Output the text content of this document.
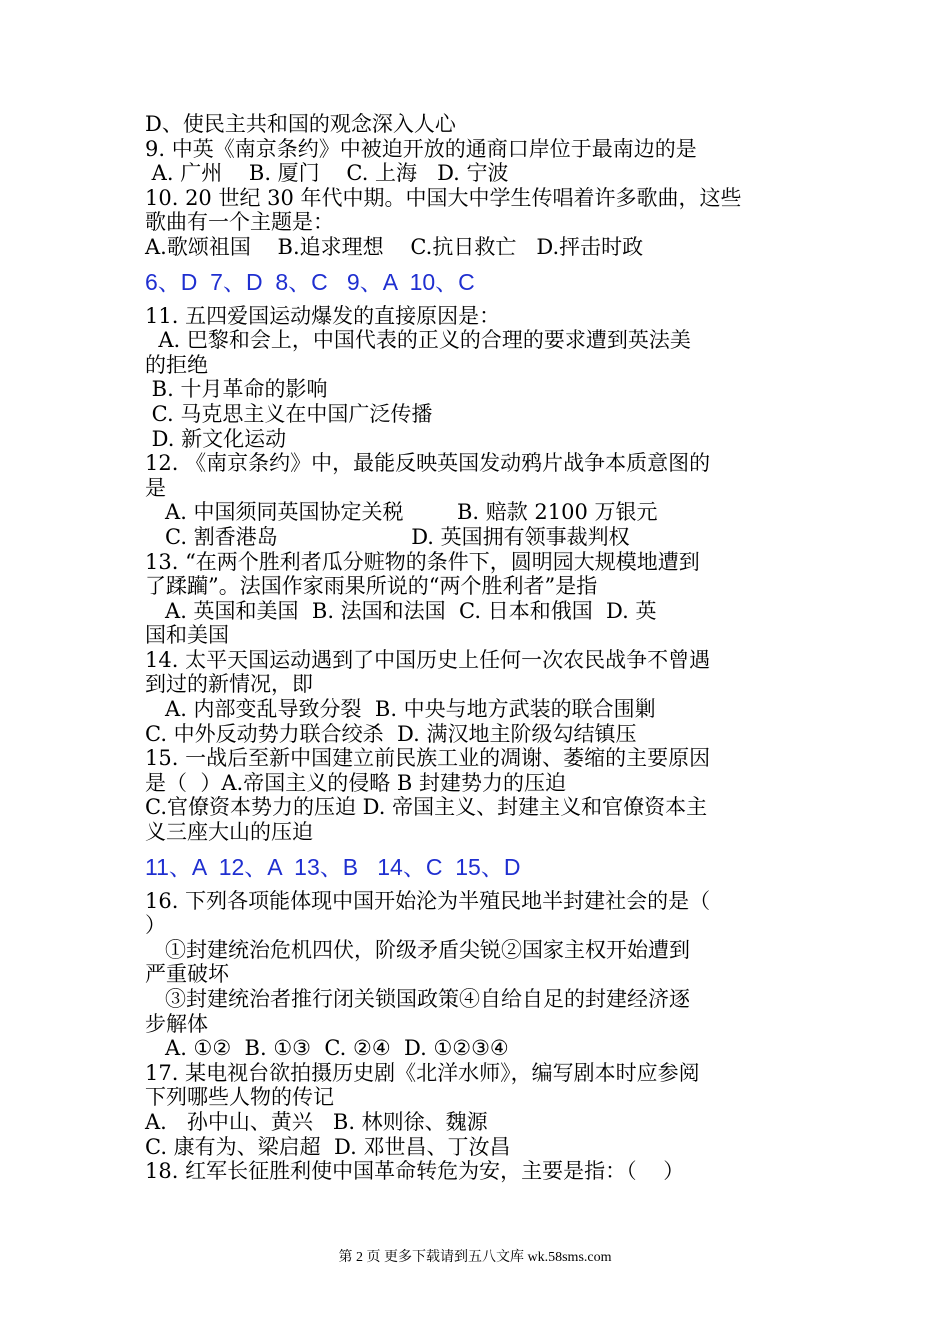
D、使民主共和国的观念深入人心
9. 中英《南京条约》中被迫开放的通商口岸位于最南边的是
A. 广州    B. 厦门    C. 上海   D. 宁波
10. 20 世纪 30 年代中期。中国大中学生传唱着许多歌曲，这些
歌曲有一个主题是：
A.歌颂祖国    B.追求理想    C.抗日救亡   D.抨击时政
6、D  7、D  8、C   9、A  10、C
11. 五四爱国运动爆发的直接原因是：
A. 巴黎和会上，中国代表的正义的合理的要求遭到英法美
的拒绝
B. 十月革命的影响
C. 马克思主义在中国广泛传播
D. 新文化运动
12. 《南京条约》中，最能反映英国发动鸦片战争本质意图的
是
A. 中国须同英国协定关税        B. 赔款 2100 万银元
C. 割香港岛                    D. 英国拥有领事裁判权
13. “在两个胜利者瓜分赃物的条件下，圆明园大规模地遭到
了蹂躏”。法国作家雨果所说的“两个胜利者”是指
A. 英国和美国  B. 法国和法国  C. 日本和俄国  D. 英
国和美国
14. 太平天国运动遇到了中国历史上任何一次农民战争不曾遇
到过的新情况，即
A. 内部变乱导致分裂  B. 中央与地方武装的联合围剿
C. 中外反动势力联合绞杀  D. 满汉地主阶级勾结镇压
15. 一战后至新中国建立前民族工业的凋谢、萎缩的主要原因
是（  ）A.帝国主义的侵略 B 封建势力的压迫
C.官僚资本势力的压迫 D. 帝国主义、封建主义和官僚资本主
义三座大山的压迫
11、A  12、A  13、B   14、C  15、D
16. 下列各项能体现中国开始沦为半殖民地半封建社会的是（
）
①封建统治危机四伏，阶级矛盾尖锐②国家主权开始遭到
严重破坏
③封建统治者推行闭关锁国政策④自给自足的封建经济逐
步解体
A. ①②  B. ①③  C. ②④  D. ①②③④
17. 某电视台欲拍摄历史剧《北洋水师》，编写剧本时应参阅
下列哪些人物的传记
A.   孙中山、黄兴   B. 林则徐、魏源
C. 康有为、梁启超  D. 邓世昌、丁汝昌
18. 红军长征胜利使中国革命转危为安，主要是指：（    ）
第 2 页 更多下载请到五八文库 wk.58sms.com
